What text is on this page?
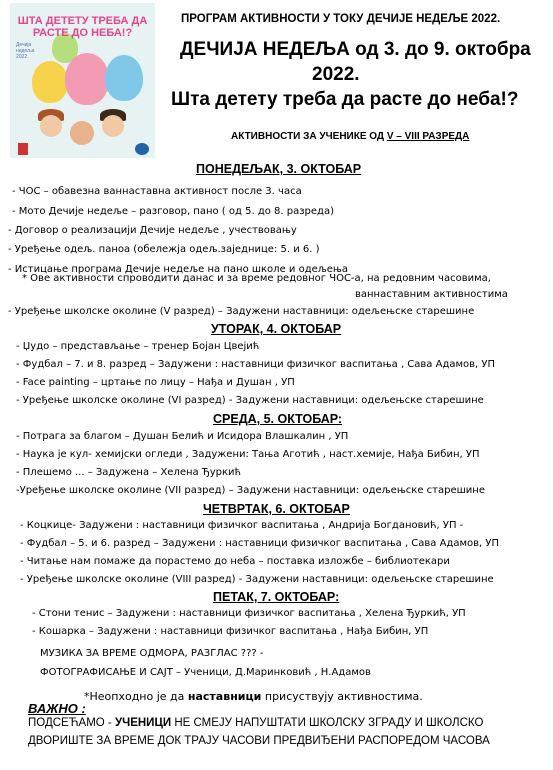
ШТА ДЕТЕТУ ТРЕБА ДА РАСТЕ ДО НЕБА!?
Дечија недеља 2022.
ПРОГРАМ АКТИВНОСТИ У ТОКУ ДЕЧИЈЕ НЕДЕЉЕ 2022.
ДЕЧИЈА НЕДЕЉА од 3. до 9. октобра
2022.
Шта детету треба да расте до неба!?
АКТИВНОСТИ ЗА УЧЕНИКЕ ОД V – VIII РАЗРЕДА
ПОНЕДЕЉАК, 3. ОКТОБАР
- ЧОС – обавезна ваннаставна активност после 3. часа
- Мото Дечије недеље – разговор, пано ( од 5. до 8. разреда)
- Договор о реализацији Дечије недеље , учествовању
- Уређење одељ. паноа (обележја одељ.заједнице: 5. и 6. )
- Истицање програма Дечије недеље на пано школе и одељења
* Ове активности спроводити данас и за време редовног ЧОС-а, на редовним часовима,
ваннаставним активностима
- Уређење школске околине (V разред) – Задужени наставници: одељењске старешине
УТОРАК, 4. ОКТОБАР
- Џудо – представљање – тренер Бојан Цвејић
- Фудбал – 7. и 8. разред – Задужени : наставници физичког васпитања , Сава Адамов, УП
- Face painting – цртање по лицу – Нађа и Душан , УП
- Уређење школске околине (VI разред) - Задужени наставници: одељењске старешине
СРЕДА, 5. ОКТОБАР:
- Потрага за благом – Душан Белић и Исидора Влашкалин , УП
- Наука је кул- хемијски огледи , Задужени: Тања Аготић , наст.хемије, Нађа Бибин, УП
- Плешемо ... – Задужена – Хелена Ђуркић
-Уређење школске околине (VII разред) – Задужени наставници: одељењске старешине
ЧЕТВРТАК, 6. ОКТОБАР
- Коцкице- Задужени : наставници физичког васпитања , Андрија Богдановић, УП -
- Фудбал – 5. и 6. разред – Задужени : наставници физичког васпитања , Сава Адамов, УП
- Читање нам помаже да порастемо до неба – поставка изложбе – библиотекари
- Уређење школске околине (VIII разред) - Задужени наставници: одељењске старешине
ПЕТАК, 7. ОКТОБАР:
- Стони тенис – Задужени : наставници физичког васпитања , Хелена Ђуркић, УП
- Кошарка – Задужени : наставници физичког васпитања , Нађа Бибин, УП
МУЗИКА ЗА ВРЕМЕ ОДМОРА, РАЗГЛАС ??? -
ФОТОГРАФИСАЊЕ И САЈТ – Ученици, Д.Маринковић , Н.Адамов
*Неопходно је да наставници присуствују активностима.
ВАЖНО :
ПОДСЕЋАМО - УЧЕНИЦИ НЕ СМЕЈУ НАПУШТАТИ ШКОЛСКУ ЗГРАДУ И ШКОЛСКО
ДВОРИШТЕ ЗА ВРЕМЕ ДОК ТРАЈУ ЧАСОВИ ПРЕДВИЂЕНИ РАСПОРЕДОМ ЧАСОВА
